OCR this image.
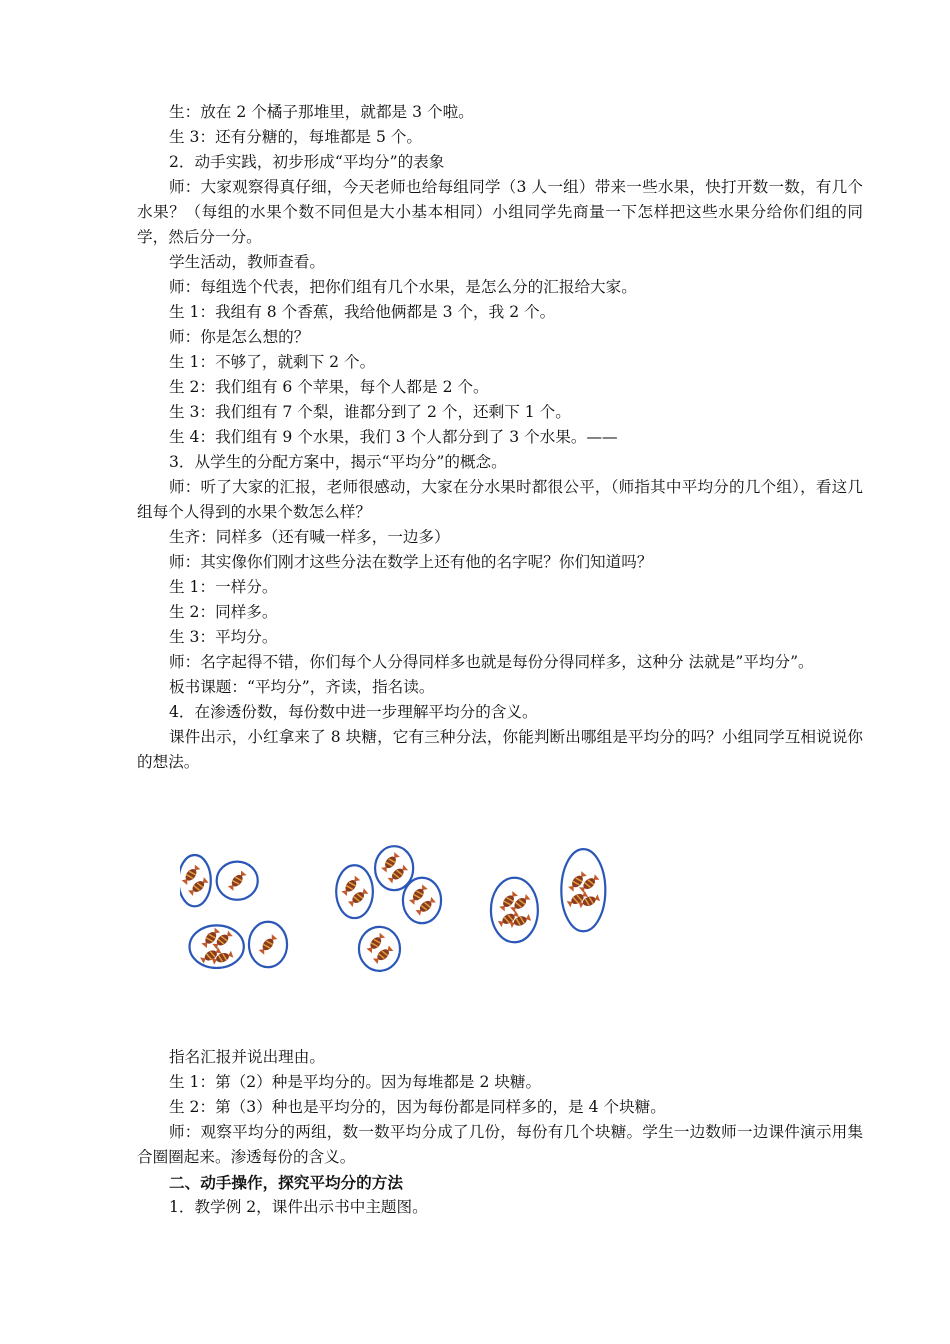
生：放在 2 个橘子那堆里，就都是 3 个啦。

生 3：还有分糖的，每堆都是 5 个。

2．动手实践，初步形成“平均分”的表象

师：大家观察得真仔细，今天老师也给每组同学（3 人一组）带来一些水果，快打开数一数，有几个水果？（每组的水果个数不同但是大小基本相同）小组同学先商量一下怎样把这些水果分给你们组的同学，然后分一分。

学生活动，教师查看。

师：每组选个代表，把你们组有几个水果，是怎么分的汇报给大家。

生 1：我组有 8 个香蕉，我给他俩都是 3 个，我 2 个。

师：你是怎么想的？

生 1：不够了，就剩下 2 个。

生 2：我们组有 6 个苹果，每个人都是 2 个。

生 3：我们组有 7 个梨，谁都分到了 2 个，还剩下 1 个。

生 4：我们组有 9 个水果，我们 3 个人都分到了 3 个水果。——

3．从学生的分配方案中，揭示“平均分”的概念。

师：听了大家的汇报，老师很感动，大家在分水果时都很公平，（师指其中平均分的几个组），看这几组每个人得到的水果个数怎么样？

生齐：同样多（还有喊一样多，一边多）

师：其实像你们刚才这些分法在数学上还有他的名字呢？你们知道吗？

生 1：一样分。

生 2：同样多。

生 3：平均分。

师：名字起得不错，你们每个人分得同样多也就是每份分得同样多，这种分 法就是”平均分”。

板书课题：“平均分”，齐读，指名读。

4．在渗透份数，每份数中进一步理解平均分的含义。

课件出示，小红拿来了 8 块糖，它有三种分法，你能判断出哪组是平均分的吗？小组同学互相说说你的想法。

指名汇报并说出理由。

生 1：第（2）种是平均分的。因为每堆都是 2 块糖。

生 2：第（3）种也是平均分的，因为每份都是同样多的，是 4 个块糖。

师：观察平均分的两组，数一数平均分成了几份，每份有几个块糖。学生一边数师一边课件演示用集合圈圈起来。渗透每份的含义。

二、动手操作，探究平均分的方法

1．教学例 2，课件出示书中主题图。
